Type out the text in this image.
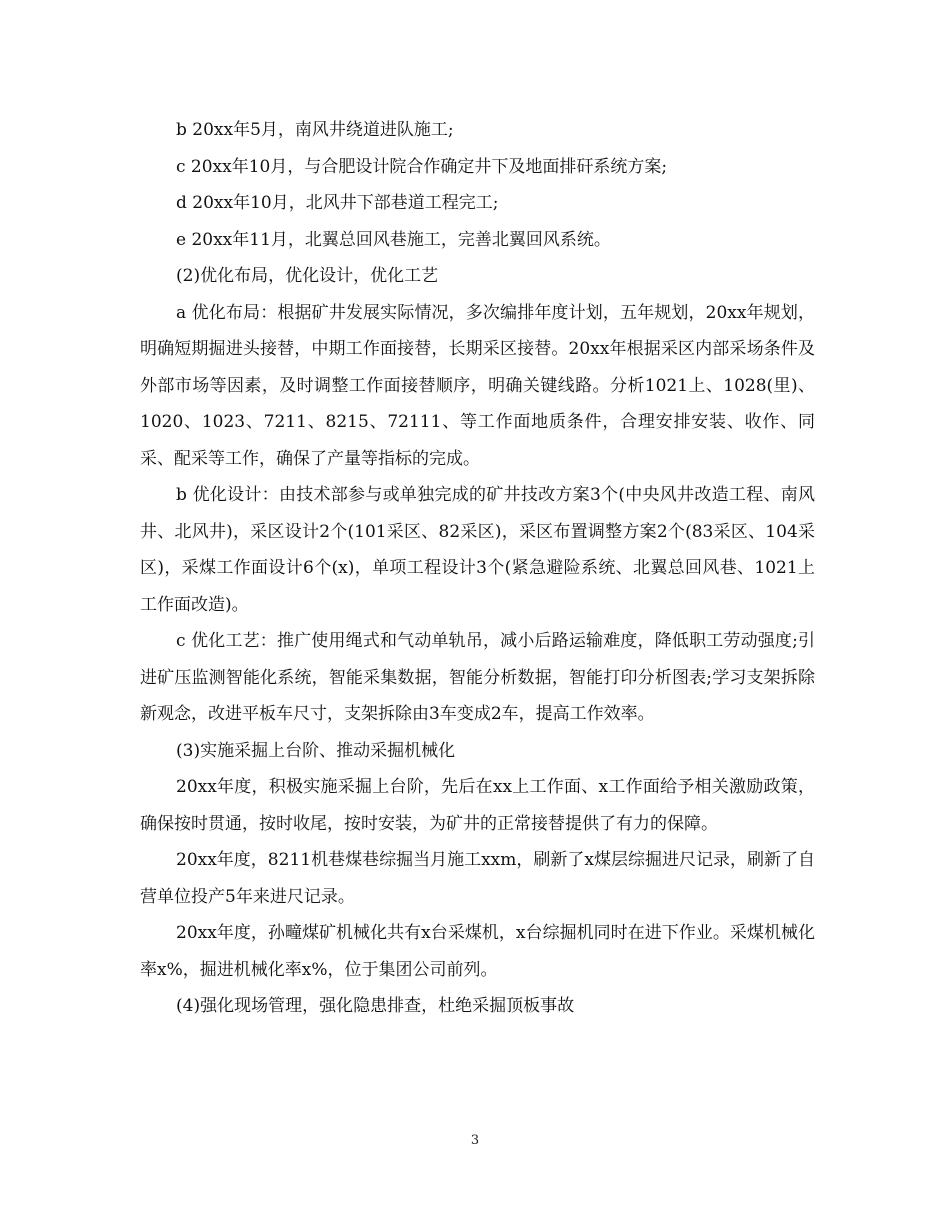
b 20xx年5月，南风井绕道进队施工;

c 20xx年10月，与合肥设计院合作确定井下及地面排矸系统方案;

d 20xx年10月，北风井下部巷道工程完工;

e 20xx年11月，北翼总回风巷施工，完善北翼回风系统。

(2)优化布局，优化设计，优化工艺

a 优化布局：根据矿井发展实际情况，多次编排年度计划，五年规划，20xx年规划，明确短期掘进头接替，中期工作面接替，长期采区接替。20xx年根据采区内部采场条件及外部市场等因素，及时调整工作面接替顺序，明确关键线路。分析1021上、1028(里)、1020、1023、7211、8215、72111、等工作面地质条件，合理安排安装、收作、同采、配采等工作，确保了产量等指标的完成。

b 优化设计：由技术部参与或单独完成的矿井技改方案3个(中央风井改造工程、南风井、北风井)，采区设计2个(101采区、82采区)，采区布置调整方案2个(83采区、104采区)，采煤工作面设计6个(x)，单项工程设计3个(紧急避险系统、北翼总回风巷、1021上工作面改造)。

c 优化工艺：推广使用绳式和气动单轨吊，减小后路运输难度，降低职工劳动强度;引进矿压监测智能化系统，智能采集数据，智能分析数据，智能打印分析图表;学习支架拆除新观念，改进平板车尺寸，支架拆除由3车变成2车，提高工作效率。

(3)实施采掘上台阶、推动采掘机械化

20xx年度，积极实施采掘上台阶，先后在xx上工作面、x工作面给予相关激励政策，确保按时贯通，按时收尾，按时安装，为矿井的正常接替提供了有力的保障。

20xx年度，8211机巷煤巷综掘当月施工xxm，刷新了x煤层综掘进尺记录，刷新了自营单位投产5年来进尺记录。

20xx年度，孙疃煤矿机械化共有x台采煤机，x台综掘机同时在进下作业。采煤机械化率x%，掘进机械化率x%，位于集团公司前列。

(4)强化现场管理，强化隐患排查，杜绝采掘顶板事故

3
